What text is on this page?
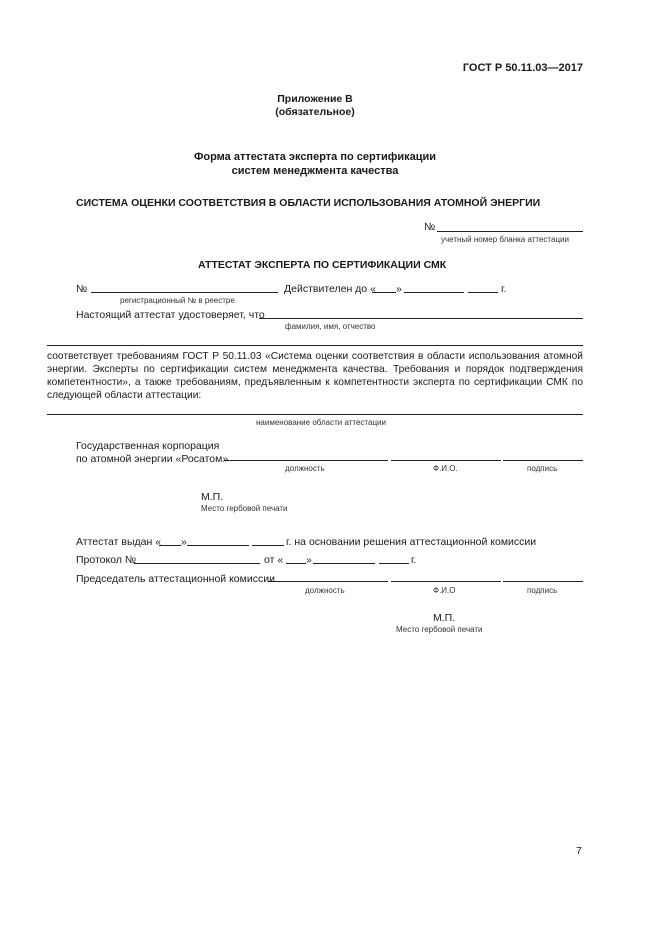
ГОСТ Р 50.11.03—2017
Приложение В
(обязательное)
Форма аттестата эксперта по сертификации
систем менеджмента качества
СИСТЕМА ОЦЕНКИ СООТВЕТСТВИЯ В ОБЛАСТИ ИСПОЛЬЗОВАНИЯ АТОМНОЙ ЭНЕРГИИ
№
учетный номер бланка аттестации
АТТЕСТАТ ЭКСПЕРТА ПО СЕРТИФИКАЦИИ СМК
№	Действителен до « »	г.
регистрационный № в реестре
Настоящий аттестат удостоверяет, что
фамилия, имя, отчество
соответствует требованиям ГОСТ Р 50.11.03 «Система оценки соответствия в области использования атомной энергии. Эксперты по сертификации систем менеджмента качества. Требования и порядок подтверждения компетентности», а также требованиям, предъявленным к компетентности эксперта по сертификации СМК по следующей области аттестации:
наименование области аттестации
Государственная корпорация
по атомной энергии «Росатом»
должность	Ф.И.О.	подпись
М.П.
Место гербовой печати
Аттестат выдан « »	г. на основании решения аттестационной комиссии
Протокол №	от « »	г.
Председатель аттестационной комиссии
должность	Ф.И.О	подпись
М.П.
Место гербовой печати
7
